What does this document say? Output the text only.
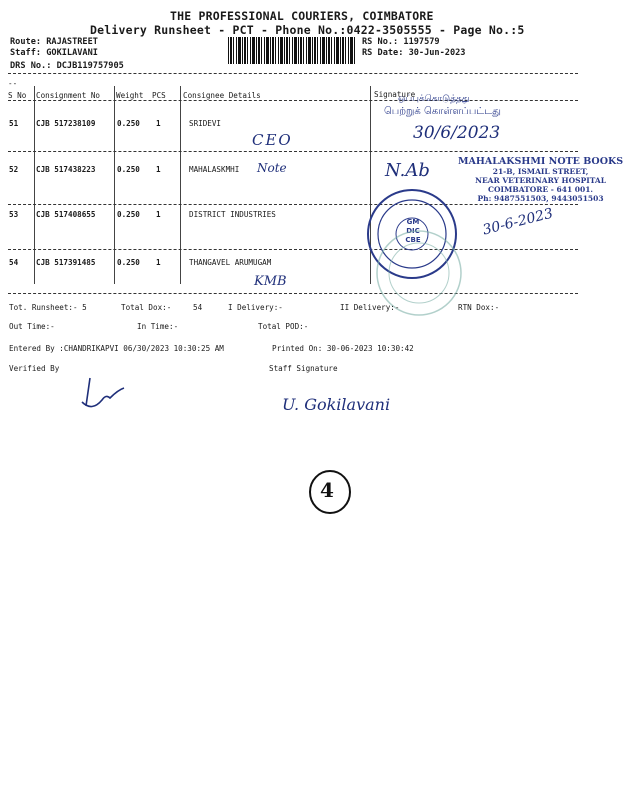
THE PROFESSIONAL COURIERS, COIMBATORE
Delivery Runsheet - PCT - Phone No.:0422-3505555 - Page No.:5
Route: RAJASTREET
Staff: GOKILAVANI
DRS No.: DCJB119757905
RS No.: 1197579
RS Date: 30-Jun-2023
--
S No Consignment No Weight PCS Consignee Details	Signature
51 CJB 517238109	0.250 1	SRIDEVI
52 CJB 517438223	0.250 1	MAHALASKMHI
53 CJB 517408655	0.250 1	DISTRICT INDUSTRIES
54 CJB 517391485	0.250 1	THANGAVEL ARUMUGAM
CEO
Note
KMB
ஒப்புக்கொடுத்தது
பெற்றுக் கொள்ளப்பட்டது
30/6/2023
N.Ab	MAHALAKSHMI NOTE BOOKS
21-B, ISMAIL STREET,
NEAR VETERINARY HOSPITAL
COIMBATORE - 641 001.
Ph: 9487551503, 9443051503
GM DIC CBE
30-6-2023
Tot. Runsheet:- 5	Total Dox:-	54	I Delivery:-	II Delivery:-	RTN Dox:-
Out Time:-	In Time:-	Total POD:-
Entered By :CHANDRIKAPVI 06/30/2023 10:30:25 AM	Printed On: 30-06-2023 10:30:42
Verified By	Staff Signature
U. Gokilavani
4
